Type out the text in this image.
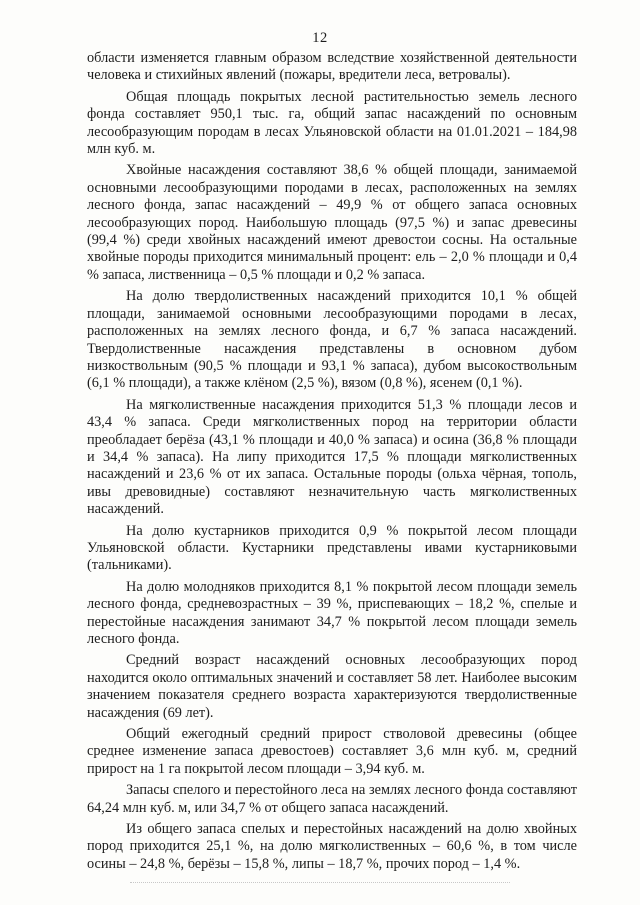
12

области изменяется главным образом вследствие хозяйственной деятельности человека и стихийных явлений (пожары, вредители леса, ветровалы).

Общая площадь покрытых лесной растительностью земель лесного фонда составляет 950,1 тыс. га, общий запас насаждений по основным лесообразующим породам в лесах Ульяновской области на 01.01.2021 – 184,98 млн куб. м.

Хвойные насаждения составляют 38,6 % общей площади, занимаемой основными лесообразующими породами в лесах, расположенных на землях лесного фонда, запас насаждений – 49,9 % от общего запаса основных лесообразующих пород. Наибольшую площадь (97,5 %) и запас древесины (99,4 %) среди хвойных насаждений имеют древостои сосны. На остальные хвойные породы приходится минимальный процент: ель – 2,0 % площади и 0,4 % запаса, лиственница – 0,5 % площади и 0,2 % запаса.

На долю твердолиственных насаждений приходится 10,1 % общей площади, занимаемой основными лесообразующими породами в лесах, расположенных на землях лесного фонда, и 6,7 % запаса насаждений. Твердолиственные насаждения представлены в основном дубом низкоствольным (90,5 % площади и 93,1 % запаса), дубом высокоствольным (6,1 % площади), а также клёном (2,5 %), вязом (0,8 %), ясенем (0,1 %).

На мягколиственные насаждения приходится 51,3 % площади лесов и 43,4 % запаса. Среди мягколиственных пород на территории области преобладает берёза (43,1 % площади и 40,0 % запаса) и осина (36,8 % площади и 34,4 % запаса). На липу приходится 17,5 % площади мягколиственных насаждений и 23,6 % от их запаса. Остальные породы (ольха чёрная, тополь, ивы древовидные) составляют незначительную часть мягколиственных насаждений.

На долю кустарников приходится 0,9 % покрытой лесом площади Ульяновской области. Кустарники представлены ивами кустарниковыми (тальниками).

На долю молодняков приходится 8,1 % покрытой лесом площади земель лесного фонда, средневозрастных – 39 %, приспевающих – 18,2 %, спелые и перестойные насаждения занимают 34,7 % покрытой лесом площади земель лесного фонда.

Средний возраст насаждений основных лесообразующих пород находится около оптимальных значений и составляет 58 лет. Наиболее высоким значением показателя среднего возраста характеризуются твердолиственные насаждения (69 лет).

Общий ежегодный средний прирост стволовой древесины (общее среднее изменение запаса древостоев) составляет 3,6 млн куб. м, средний прирост на 1 га покрытой лесом площади – 3,94 куб. м.

Запасы спелого и перестойного леса на землях лесного фонда составляют 64,24 млн куб. м, или 34,7 % от общего запаса насаждений.

Из общего запаса спелых и перестойных насаждений на долю хвойных пород приходится 25,1 %, на долю мягколиственных – 60,6 %, в том числе осины – 24,8 %, берёзы – 15,8 %, липы – 18,7 %, прочих пород – 1,4 %.
